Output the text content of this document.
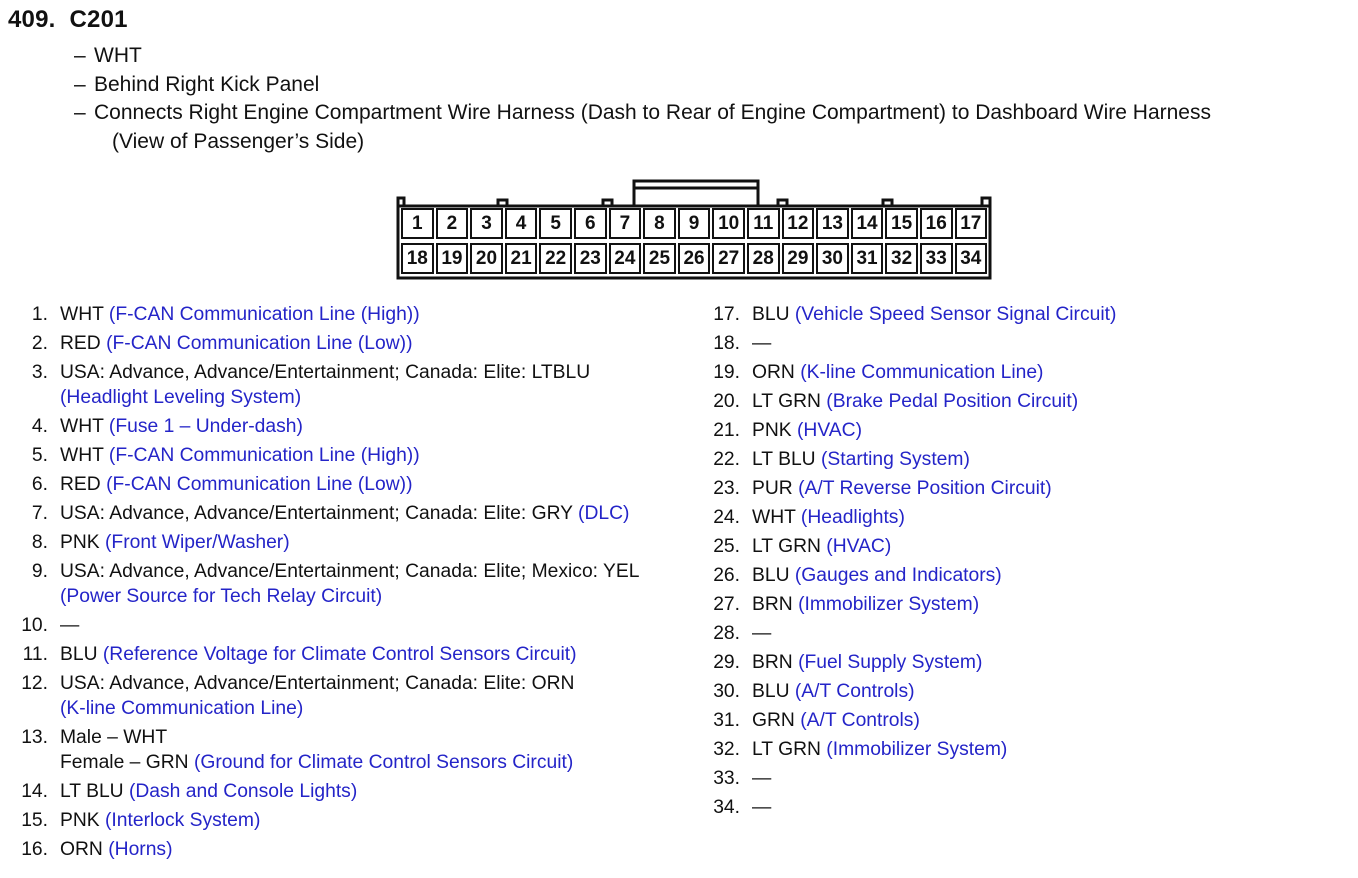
409. C201
– WHT
– Behind Right Kick Panel
– Connects Right Engine Compartment Wire Harness (Dash to Rear of Engine Compartment) to Dashboard Wire Harness
(View of Passenger’s Side)
1	2	3	4	5	6	7	8	9 10 11 12 13 14 15 16 17
18 19 20 21 22 23 24 25 26 27 28 29 30 31 32 33 34
1. WHT (F-CAN Communication Line (High))
2. RED (F-CAN Communication Line (Low))
3. USA: Advance, Advance/Entertainment; Canada: Elite: LTBLU
(Headlight Leveling System)
4. WHT (Fuse 1 – Under-dash)
5. WHT (F-CAN Communication Line (High))
6. RED (F-CAN Communication Line (Low))
7. USA: Advance, Advance/Entertainment; Canada: Elite: GRY (DLC)
8. PNK (Front Wiper/Washer)
9. USA: Advance, Advance/Entertainment; Canada: Elite; Mexico: YEL
(Power Source for Tech Relay Circuit)
10. —
11. BLU (Reference Voltage for Climate Control Sensors Circuit)
12. USA: Advance, Advance/Entertainment; Canada: Elite: ORN
(K-line Communication Line)
13. Male – WHT
Female – GRN (Ground for Climate Control Sensors Circuit)
14. LT BLU (Dash and Console Lights)
15. PNK (Interlock System)
16. ORN (Horns)
17. BLU (Vehicle Speed Sensor Signal Circuit)
18. —
19. ORN (K-line Communication Line)
20. LT GRN (Brake Pedal Position Circuit)
21. PNK (HVAC)
22. LT BLU (Starting System)
23. PUR (A/T Reverse Position Circuit)
24. WHT (Headlights)
25. LT GRN (HVAC)
26. BLU (Gauges and Indicators)
27. BRN (Immobilizer System)
28. —
29. BRN (Fuel Supply System)
30. BLU (A/T Controls)
31. GRN (A/T Controls)
32. LT GRN (Immobilizer System)
33. —
34. —
